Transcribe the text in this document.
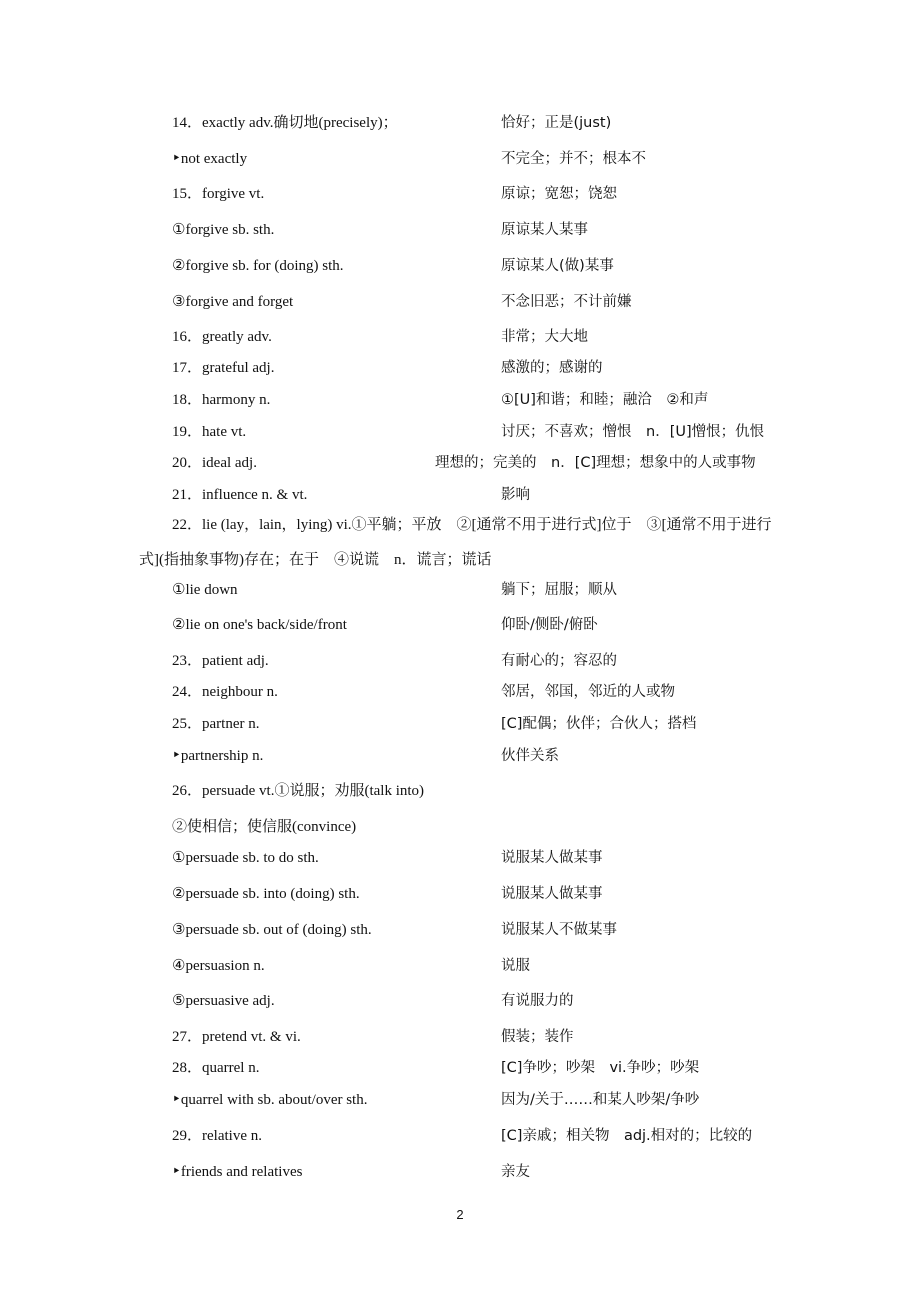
14．exactly adv.确切地(precisely)；	恰好；正是(just)
‣not exactly	不完全；并不；根本不
15．forgive vt.	原谅；宽恕；饶恕
①forgive sb. sth.	原谅某人某事
②forgive sb. for (doing) sth.	原谅某人(做)某事
③forgive and forget	不念旧恶；不计前嫌
16．greatly adv.	非常；大大地
17．grateful adj.	感激的；感谢的
18．harmony n.	①[U]和谐；和睦；融洽　②和声
19．hate vt.	讨厌；不喜欢；憎恨　n．[U]憎恨；仇恨
20．ideal adj.	理想的；完美的　n．[C]理想；想象中的人或事物
21．influence n. & vt.	影响
22．lie (lay，lain，lying) vi.①平躺；平放　②[通常不用于进行式]位于　③[通常不用于进行式](指抽象事物)存在；在于　④说谎　n．谎言；谎话
①lie down	躺下；屈服；顺从
②lie on one's back/side/front	仰卧/侧卧/俯卧
23．patient adj.	有耐心的；容忍的
24．neighbour n.	邻居，邻国，邻近的人或物
25．partner n.	[C]配偶；伙伴；合伙人；搭档
‣partnership n.	伙伴关系
26．persuade vt.①说服；劝服(talk into)
②使相信；使信服(convince)
①persuade sb. to do sth.	说服某人做某事
②persuade sb. into (doing) sth.	说服某人做某事
③persuade sb. out of (doing) sth.	说服某人不做某事
④persuasion n.	说服
⑤persuasive adj.	有说服力的
27．pretend vt. & vi.	假装；装作
28．quarrel n.	[C]争吵；吵架　vi.争吵；吵架
‣quarrel with sb. about/over sth.	因为/关于……和某人吵架/争吵
29．relative n.	[C]亲戚；相关物　adj.相对的；比较的
‣friends and relatives	亲友
2
